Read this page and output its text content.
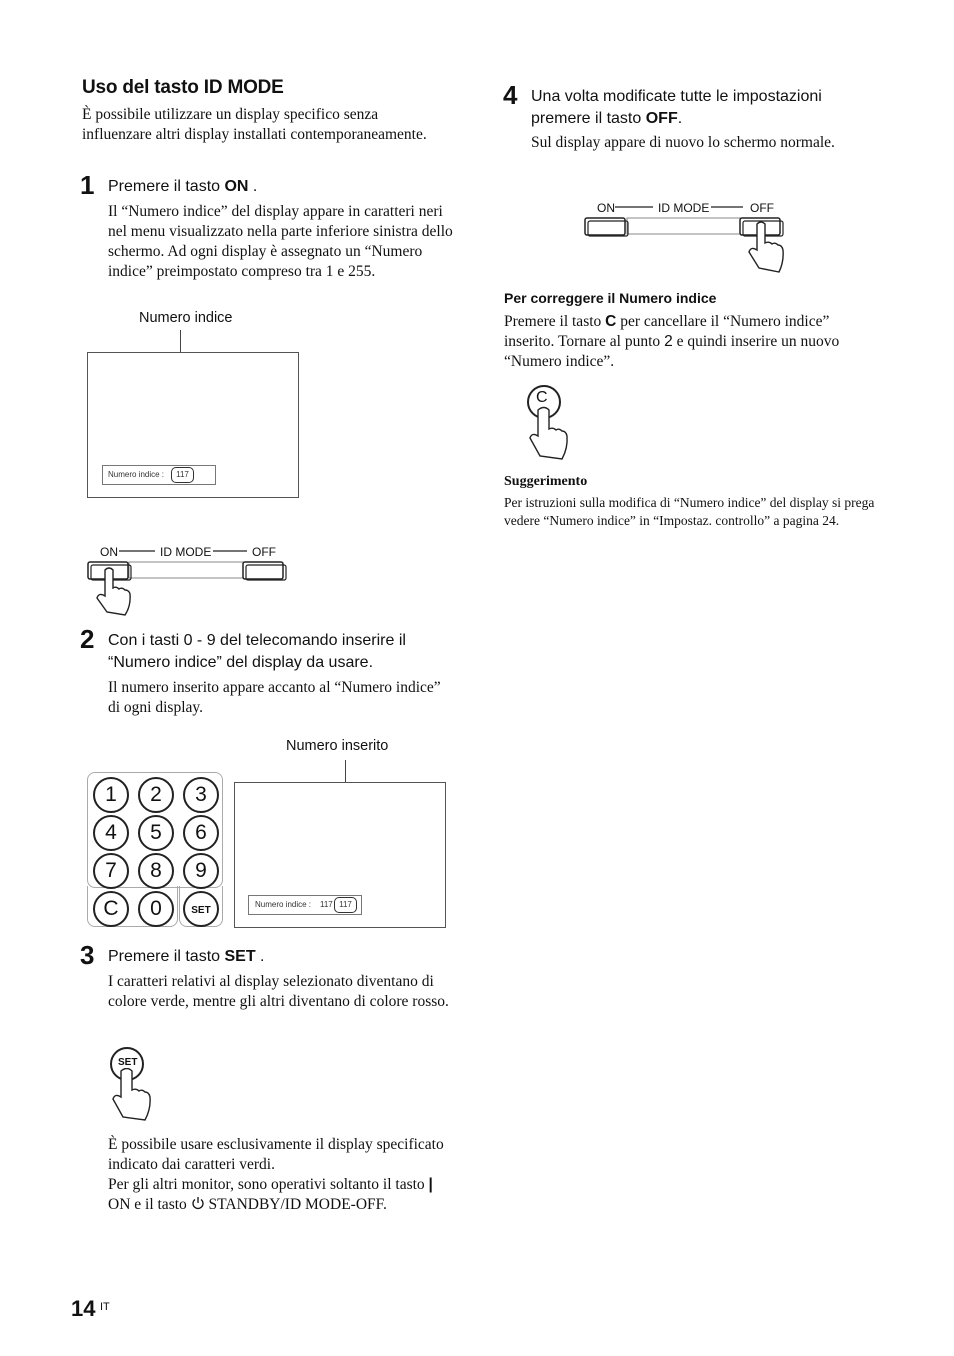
Uso del tasto ID MODE
È possibile utilizzare un display specifico senza influenzare altri display installati contemporaneamente.
1 Premere il tasto ON .
Il “Numero indice” del display appare in caratteri neri nel menu visualizzato nella parte inferiore sinistra dello schermo. Ad ogni display è assegnato un “Numero indice” preimpostato compreso tra 1 e 255.
Numero indice
Numero indice :	117
ON	ID MODE	OFF
2 Con i tasti 0 - 9 del telecomando inserire il “Numero indice” del display da usare.
Il numero inserito appare accanto al “Numero indice” di ogni display.
1	2	3
4	5	6
7	8	9
C	0	SET
Numero inserito
Numero indice : 117 117
3 Premere il tasto SET .
I caratteri relativi al display selezionato diventano di colore verde, mentre gli altri diventano di colore rosso.
SET
È possibile usare esclusivamente il display specificato indicato dai caratteri verdi.
Per gli altri monitor, sono operativi soltanto il tasto | ON e il tasto STANDBY/ID MODE-OFF.
14 IT
4 Una volta modificate tutte le impostazioni premere il tasto OFF.
Sul display appare di nuovo lo schermo normale.
ON	ID MODE	OFF
Per correggere il Numero indice
Premere il tasto C per cancellare il “Numero indice” inserito. Tornare al punto 2 e quindi inserire un nuovo “Numero indice”.
C
Suggerimento
Per istruzioni sulla modifica di “Numero indice” del display si prega vedere “Numero indice” in “Impostaz. controllo” a pagina 24.
